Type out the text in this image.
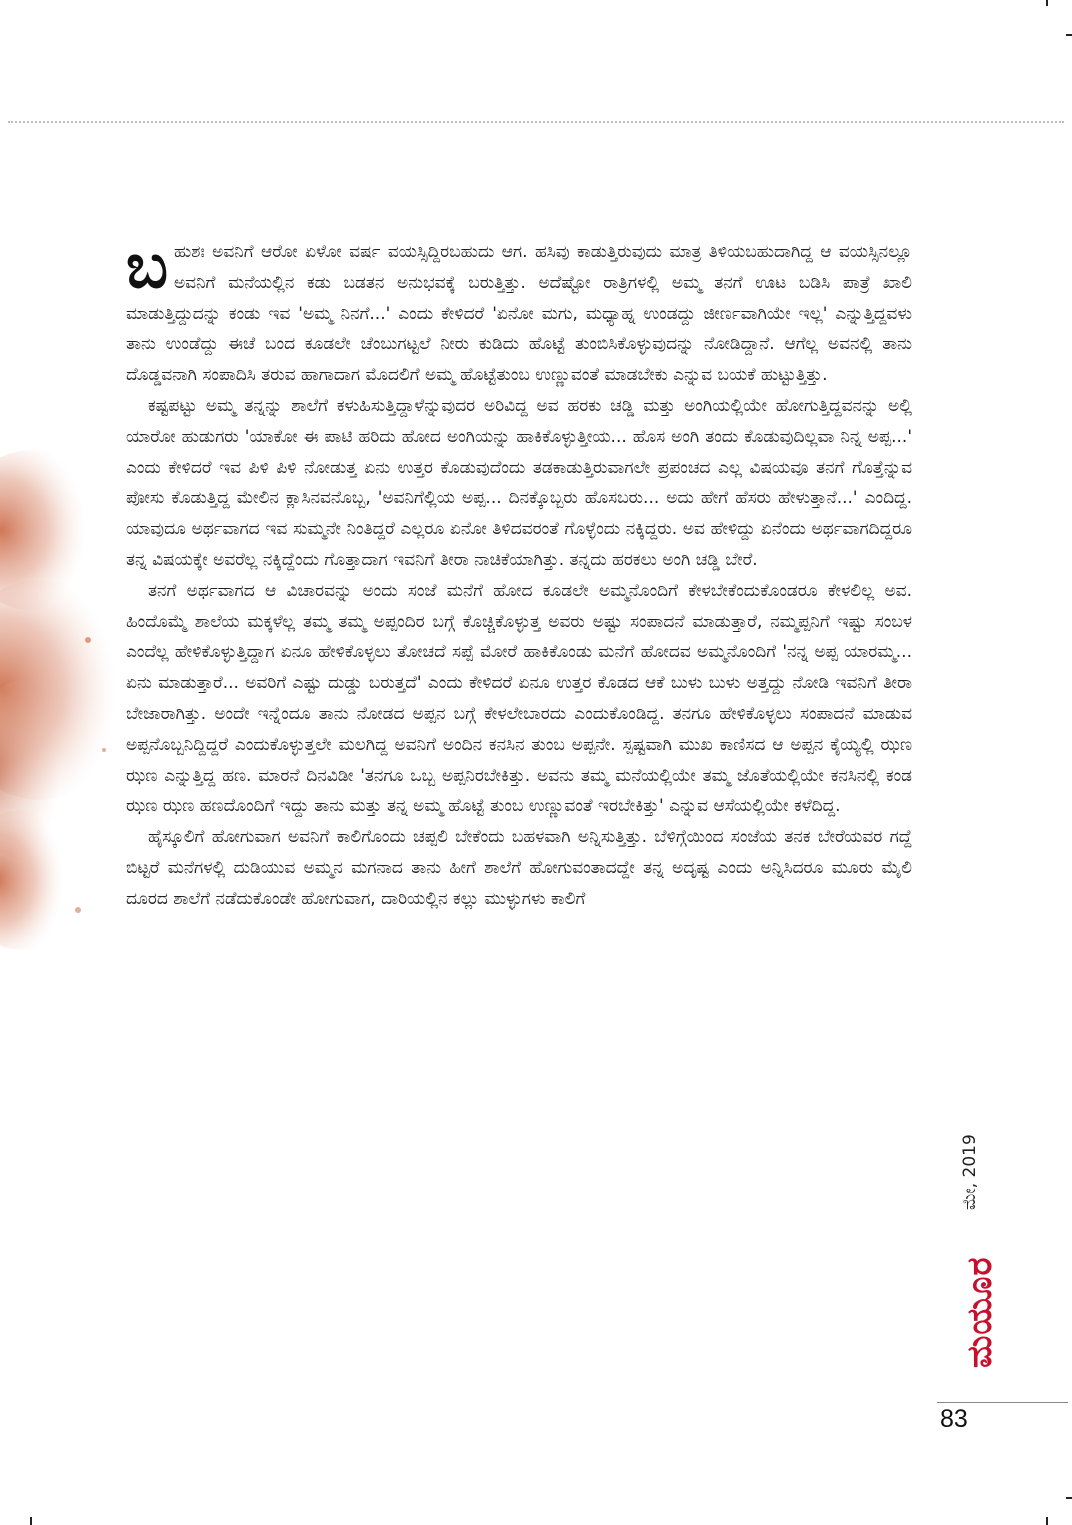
ಬಹುಶಃ ಅವನಿಗೆ ಆರೋ ಏಳೋ ವರ್ಷ ವಯಸ್ಸಿದ್ದಿರಬಹುದು ಆಗ. ಹಸಿವು ಕಾಡುತ್ತಿರುವುದು ಮಾತ್ರ ತಿಳಿಯಬಹುದಾಗಿದ್ದ ಆ ವಯಸ್ಸಿನಲ್ಲೂ ಅವನಿಗೆ ಮನೆಯಲ್ಲಿನ ಕಡು ಬಡತನ ಅನುಭವಕ್ಕೆ ಬರುತ್ತಿತ್ತು. ಅದೆಷ್ಟೋ ರಾತ್ರಿಗಳಲ್ಲಿ ಅಮ್ಮ ತನಗೆ ಊಟ ಬಡಿಸಿ ಪಾತ್ರೆ ಖಾಲಿ ಮಾಡುತ್ತಿದ್ದುದನ್ನು ಕಂಡು ಇವ 'ಅಮ್ಮ ನಿನಗೆ...' ಎಂದು ಕೇಳಿದರೆ 'ಏನೋ ಮಗು, ಮಧ್ಯಾಹ್ನ ಉಂಡದ್ದು ಜೀರ್ಣವಾಗಿಯೇ ಇಲ್ಲ' ಎನ್ನುತ್ತಿದ್ದವಳು ತಾನು ಉಂಡೆದ್ದು ಈಚೆ ಬಂದ ಕೂಡಲೇ ಚೆಂಬುಗಟ್ಟಲೆ ನೀರು ಕುಡಿದು ಹೊಟ್ಟೆ ತುಂಬಿಸಿಕೊಳ್ಳುವುದನ್ನು ನೋಡಿದ್ದಾನೆ. ಆಗೆಲ್ಲ ಅವನಲ್ಲಿ ತಾನು ದೊಡ್ಡವನಾಗಿ ಸಂಪಾದಿಸಿ ತರುವ ಹಾಗಾದಾಗ ಮೊದಲಿಗೆ ಅಮ್ಮ ಹೊಟ್ಟೆತುಂಬ ಉಣ್ಣುವಂತೆ ಮಾಡಬೇಕು ಎನ್ನುವ ಬಯಕೆ ಹುಟ್ಟುತ್ತಿತ್ತು.

ಕಷ್ಟಪಟ್ಟು ಅಮ್ಮ ತನ್ನನ್ನು ಶಾಲೆಗೆ ಕಳುಹಿಸುತ್ತಿದ್ದಾಳೆನ್ನುವುದರ ಅರಿವಿದ್ದ ಅವ ಹರಕು ಚಡ್ಡಿ ಮತ್ತು ಅಂಗಿಯಲ್ಲಿಯೇ ಹೋಗುತ್ತಿದ್ದವನನ್ನು ಅಲ್ಲಿ ಯಾರೋ ಹುಡುಗರು 'ಯಾಕೋ ಈ ಪಾಟಿ ಹರಿದು ಹೋದ ಅಂಗಿಯನ್ನು ಹಾಕಿಕೊಳ್ಳುತ್ತೀಯ... ಹೊಸ ಅಂಗಿ ತಂದು ಕೊಡುವುದಿಲ್ಲವಾ ನಿನ್ನ ಅಪ್ಪ...' ಎಂದು ಕೇಳಿದರೆ ಇವ ಪಿಳಿ ಪಿಳಿ ನೋಡುತ್ತ ಏನು ಉತ್ತರ ಕೊಡುವುದೆಂದು ತಡಕಾಡುತ್ತಿರುವಾಗಲೇ ಪ್ರಪಂಚದ ಎಲ್ಲ ವಿಷಯವೂ ತನಗೆ ಗೊತ್ತೆನ್ನುವ ಪೋಸು ಕೊಡುತ್ತಿದ್ದ ಮೇಲಿನ ಕ್ಲಾಸಿನವನೊಬ್ಬ, 'ಅವನಿಗೆಲ್ಲಿಯ ಅಪ್ಪ... ದಿನಕ್ಕೊಬ್ಬರು ಹೊಸಬರು... ಅದು ಹೇಗೆ ಹೆಸರು ಹೇಳುತ್ತಾನೆ...' ಎಂದಿದ್ದ. ಯಾವುದೂ ಅರ್ಥವಾಗದ ಇವ ಸುಮ್ಮನೇ ನಿಂತಿದ್ದರೆ ಎಲ್ಲರೂ ಏನೋ ತಿಳಿದವರಂತೆ ಗೊಳ್ಳೆಂದು ನಕ್ಕಿದ್ದರು. ಅವ ಹೇಳಿದ್ದು ಏನೆಂದು ಅರ್ಥವಾಗದಿದ್ದರೂ ತನ್ನ ವಿಷಯಕ್ಕೇ ಅವರೆಲ್ಲ ನಕ್ಕಿದ್ದೆಂದು ಗೊತ್ತಾದಾಗ ಇವನಿಗೆ ತೀರಾ ನಾಚಿಕೆಯಾಗಿತ್ತು. ತನ್ನದು ಹರಕಲು ಅಂಗಿ ಚಡ್ಡಿ ಬೇರೆ.

ತನಗೆ ಅರ್ಥವಾಗದ ಆ ವಿಚಾರವನ್ನು ಅಂದು ಸಂಜೆ ಮನೆಗೆ ಹೋದ ಕೂಡಲೇ ಅಮ್ಮನೊಂದಿಗೆ ಕೇಳಬೇಕೆಂದುಕೊಂಡರೂ ಕೇಳಲಿಲ್ಲ ಅವ. ಹಿಂದೊಮ್ಮೆ ಶಾಲೆಯ ಮಕ್ಕಳೆಲ್ಲ ತಮ್ಮ ತಮ್ಮ ಅಪ್ಪಂದಿರ ಬಗ್ಗೆ ಕೊಚ್ಚಿಕೊಳ್ಳುತ್ತ ಅವರು ಅಷ್ಟು ಸಂಪಾದನೆ ಮಾಡುತ್ತಾರೆ, ನಮ್ಮಪ್ಪನಿಗೆ ಇಷ್ಟು ಸಂಬಳ ಎಂದೆಲ್ಲ ಹೇಳಿಕೊಳ್ಳುತ್ತಿದ್ದಾಗ ಏನೂ ಹೇಳಿಕೊಳ್ಳಲು ತೋಚದೆ ಸಪ್ಪೆ ಮೋರೆ ಹಾಕಿಕೊಂಡು ಮನೆಗೆ ಹೋದವ ಅಮ್ಮನೊಂದಿಗೆ 'ನನ್ನ ಅಪ್ಪ ಯಾರಮ್ಮ... ಏನು ಮಾಡುತ್ತಾರೆ... ಅವರಿಗೆ ಎಷ್ಟು ದುಡ್ಡು ಬರುತ್ತದೆ' ಎಂದು ಕೇಳಿದರೆ ಏನೂ ಉತ್ತರ ಕೊಡದ ಆಕೆ ಬುಳು ಬುಳು ಅತ್ತದ್ದು ನೋಡಿ ಇವನಿಗೆ ತೀರಾ ಬೇಜಾರಾಗಿತ್ತು. ಅಂದೇ ಇನ್ನೆಂದೂ ತಾನು ನೋಡದ ಅಪ್ಪನ ಬಗ್ಗೆ ಕೇಳಲೇಬಾರದು ಎಂದುಕೊಂಡಿದ್ದ. ತನಗೂ ಹೇಳಿಕೊಳ್ಳಲು ಸಂಪಾದನೆ ಮಾಡುವ ಅಪ್ಪನೊಬ್ಬನಿದ್ದಿದ್ದರೆ ಎಂದುಕೊಳ್ಳುತ್ತಲೇ ಮಲಗಿದ್ದ ಅವನಿಗೆ ಅಂದಿನ ಕನಸಿನ ತುಂಬ ಅಪ್ಪನೇ. ಸ್ಪಷ್ಟವಾಗಿ ಮುಖ ಕಾಣಿಸದ ಆ ಅಪ್ಪನ ಕೈಯ್ಯಲ್ಲಿ ಝಣ ಝಣ ಎನ್ನುತ್ತಿದ್ದ ಹಣ. ಮಾರನೆ ದಿನವಿಡೀ 'ತನಗೂ ಒಬ್ಬ ಅಪ್ಪನಿರಬೇಕಿತ್ತು. ಅವನು ತಮ್ಮ ಮನೆಯಲ್ಲಿಯೇ ತಮ್ಮ ಜೊತೆಯಲ್ಲಿಯೇ ಕನಸಿನಲ್ಲಿ ಕಂಡ ಝಣ ಝಣ ಹಣದೊಂದಿಗೆ ಇದ್ದು ತಾನು ಮತ್ತು ತನ್ನ ಅಮ್ಮ ಹೊಟ್ಟೆ ತುಂಬ ಉಣ್ಣುವಂತೆ ಇರಬೇಕಿತ್ತು' ಎನ್ನುವ ಆಸೆಯಲ್ಲಿಯೇ ಕಳೆದಿದ್ದ.

ಹೈಸ್ಕೂಲಿಗೆ ಹೋಗುವಾಗ ಅವನಿಗೆ ಕಾಲಿಗೊಂದು ಚಪ್ಪಲಿ ಬೇಕೆಂದು ಬಹಳವಾಗಿ ಅನ್ನಿಸುತ್ತಿತ್ತು. ಬೆಳಿಗ್ಗೆಯಿಂದ ಸಂಜೆಯ ತನಕ ಬೇರೆಯವರ ಗದ್ದೆ ಬಿಟ್ಟರೆ ಮನೆಗಳಲ್ಲಿ ದುಡಿಯುವ ಅಮ್ಮನ ಮಗನಾದ ತಾನು ಹೀಗೆ ಶಾಲೆಗೆ ಹೋಗುವಂತಾದದ್ದೇ ತನ್ನ ಅದೃಷ್ಟ ಎಂದು ಅನ್ನಿಸಿದರೂ ಮೂರು ಮೈಲಿ ದೂರದ ಶಾಲೆಗೆ ನಡೆದುಕೊಂಡೇ ಹೋಗುವಾಗ, ದಾರಿಯಲ್ಲಿನ ಕಲ್ಲು ಮುಳ್ಳುಗಳು ಕಾಲಿಗೆ

ಮೇ, 2019
ಮಯೂರ
83
